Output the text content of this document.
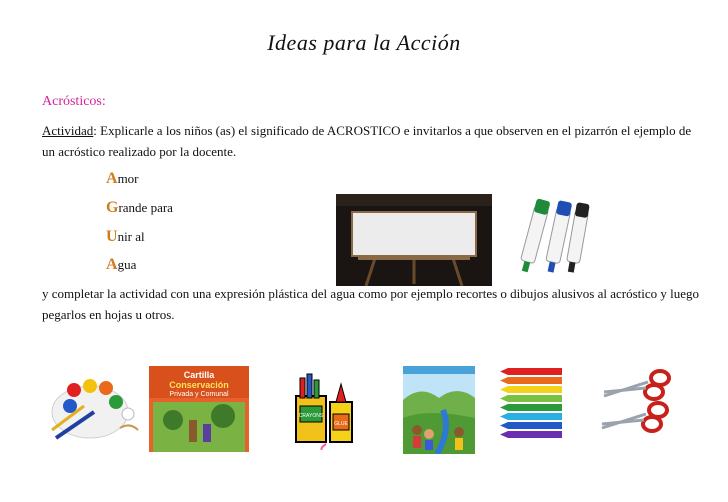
Ideas para la Acción
Acrósticos:
Actividad: Explicarle a los niños (as) el significado de ACROSTICO e invitarlos a que observen en el pizarrón el ejemplo de un acróstico realizado por la docente.
Amor
Grande para
Unir al
Agua
y completar la actividad con una expresión plástica del agua como por ejemplo recortes o dibujos alusivos al acróstico y luego pegarlos en hojas u otros.
Cartilla
Conservación
Privada y Comunal
CRAYONS
GLUE
